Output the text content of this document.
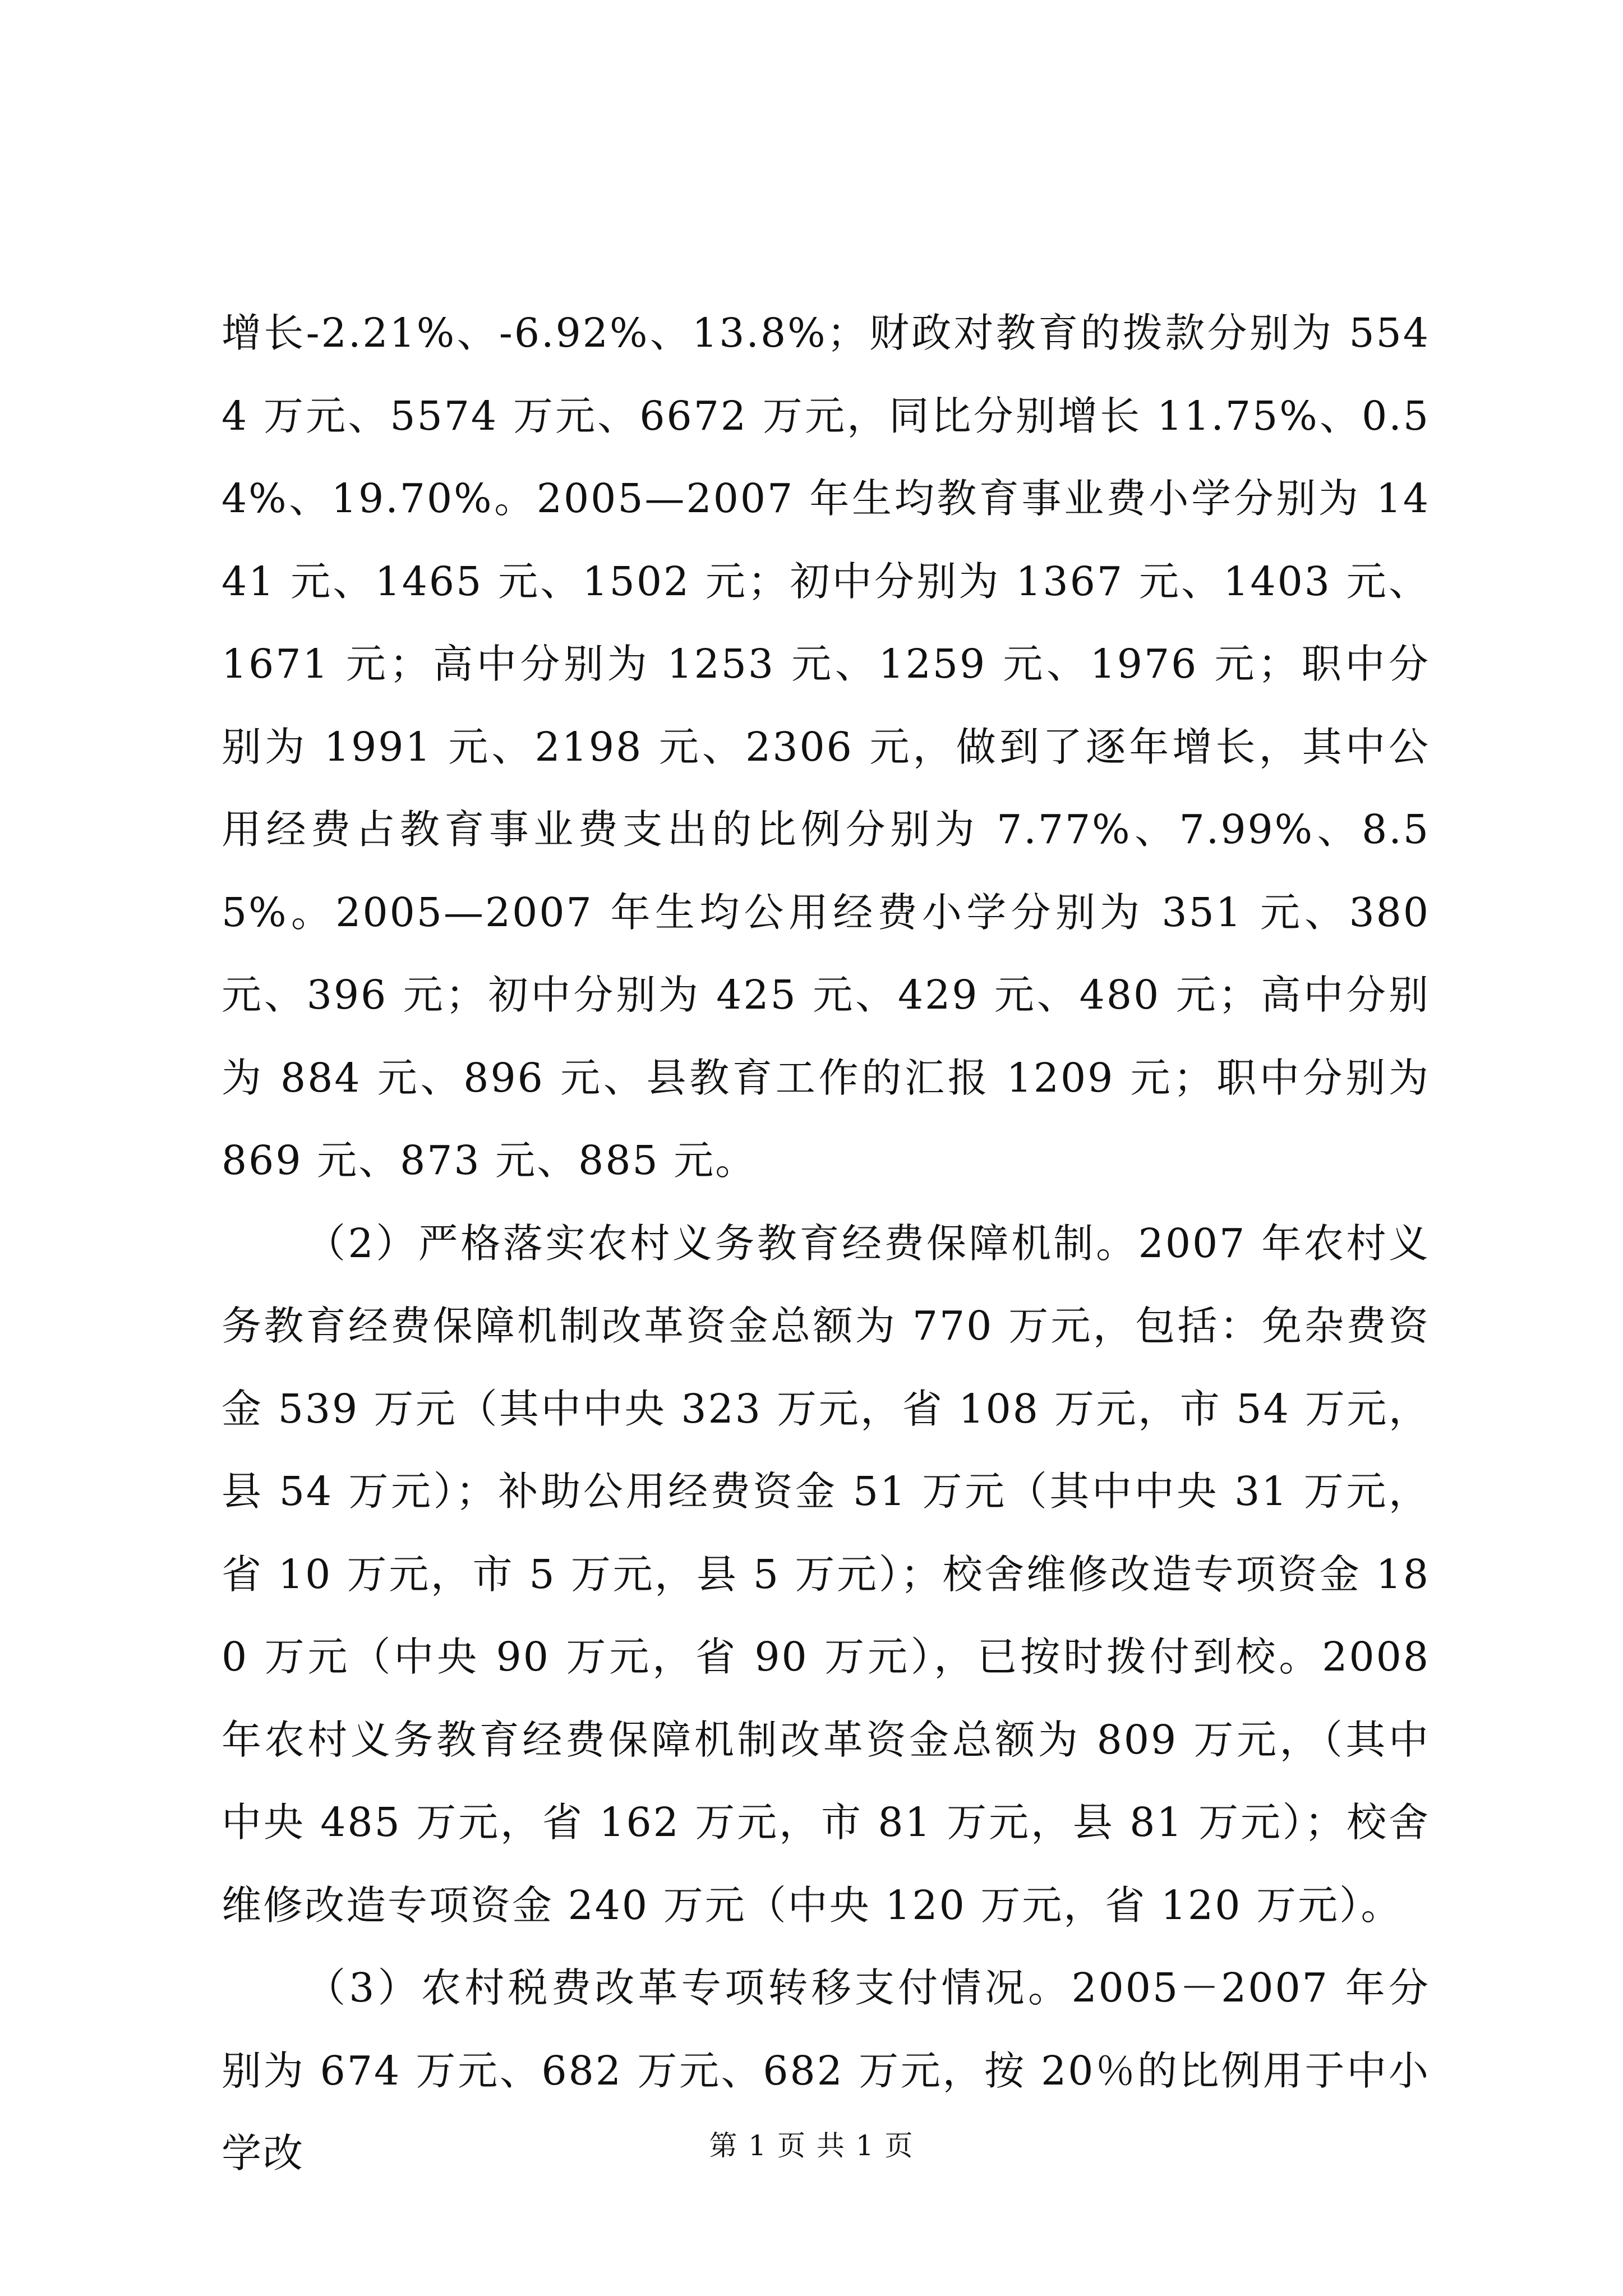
增长-2.21%、-6.92%、13.8%；财政对教育的拨款分别为 5544 万元、5574 万元、6672 万元，同比分别增长 11.75%、0.54%、19.70%。2005—2007 年生均教育事业费小学分别为 1441 元、1465 元、1502 元；初中分别为 1367 元、1403 元、1671 元；高中分别为 1253 元、1259 元、1976 元；职中分别为 1991 元、2198 元、2306 元，做到了逐年增长，其中公用经费占教育事业费支出的比例分别为 7.77%、7.99%、8.55%。2005—2007 年生均公用经费小学分别为 351 元、380 元、396 元；初中分别为 425 元、429 元、480 元；高中分别为 884 元、896 元、县教育工作的汇报 1209 元；职中分别为 869 元、873 元、885 元。

（2）严格落实农村义务教育经费保障机制。2007 年农村义务教育经费保障机制改革资金总额为 770 万元，包括：免杂费资金 539 万元（其中中央 323 万元，省 108 万元，市 54 万元，县 54 万元）；补助公用经费资金 51 万元（其中中央 31 万元，省 10 万元，市 5 万元，县 5 万元）；校舍维修改造专项资金 180 万元（中央 90 万元，省 90 万元），已按时拨付到校。2008 年农村义务教育经费保障机制改革资金总额为 809 万元，（其中中央 485 万元，省 162 万元，市 81 万元，县 81 万元）；校舍维修改造专项资金 240 万元（中央 120 万元，省 120 万元）。

（3）农村税费改革专项转移支付情况。2005－2007 年分别为 674 万元、682 万元、682 万元，按 20％的比例用于中小学改	第 1 页 共 1 页
